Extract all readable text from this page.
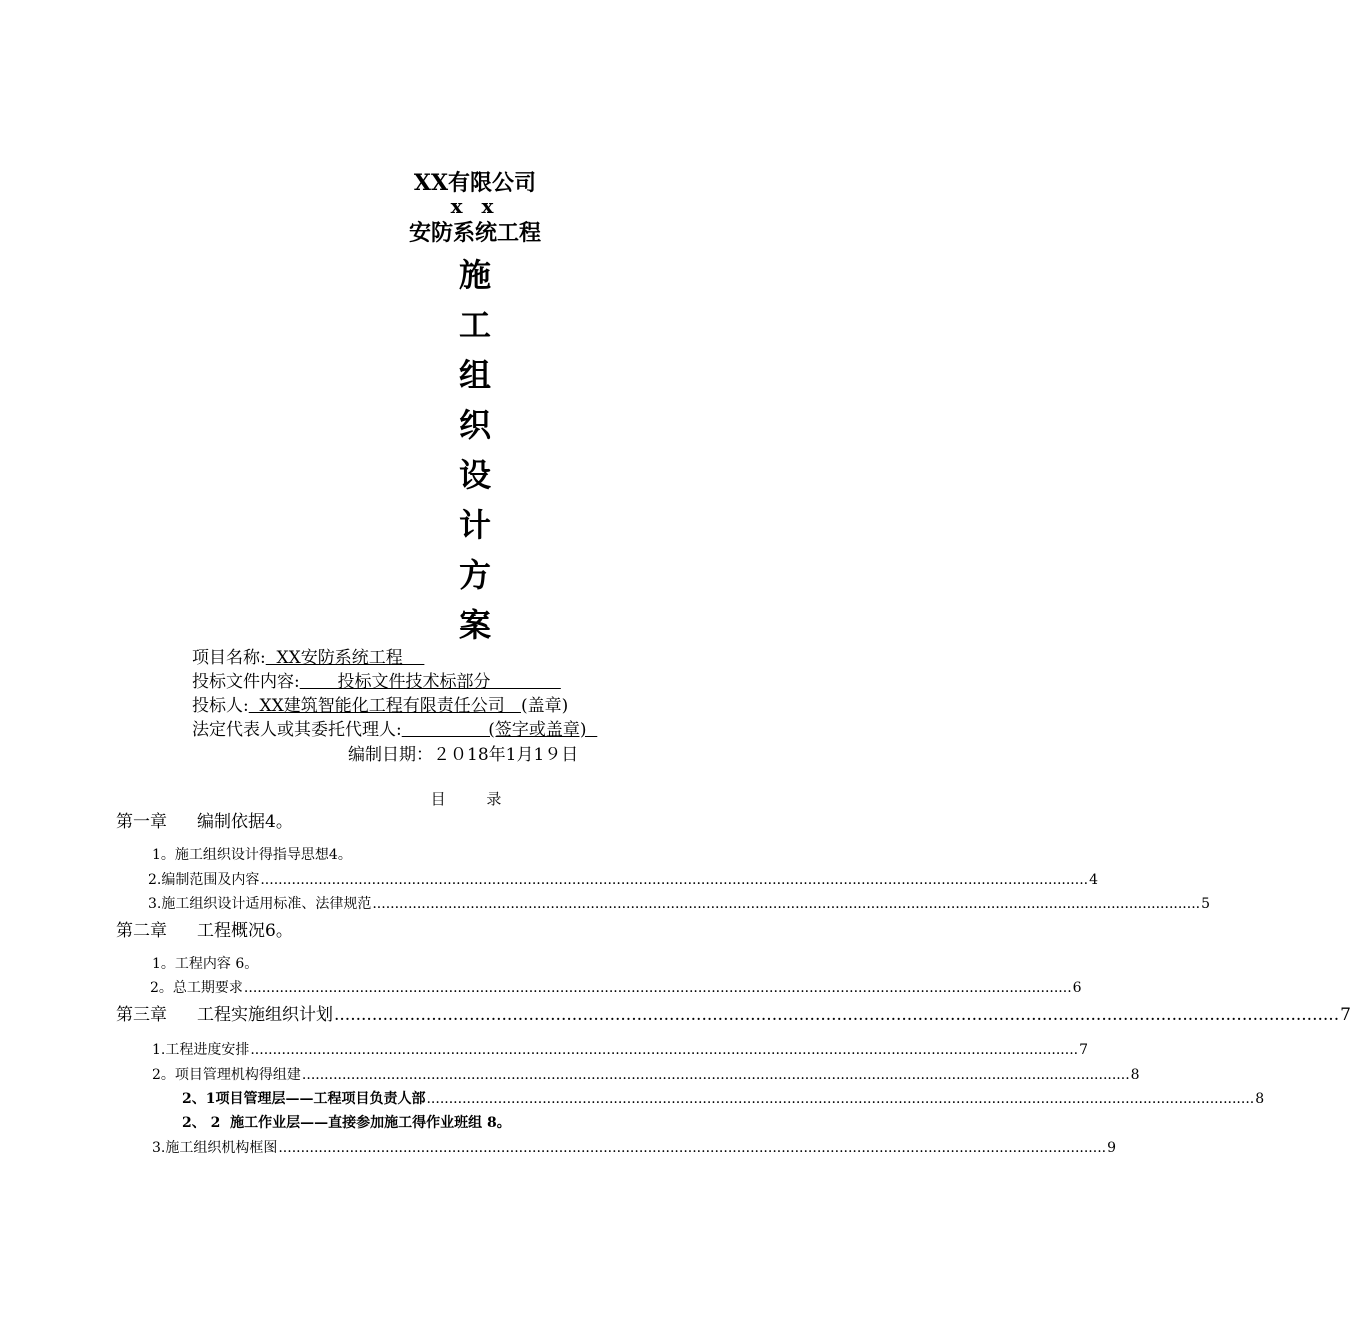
XX有限公司
x x
安防系统工程
施
工
组
织
设
计
方
案
项目名称:  XX安防系统工程
投标文件内容:       投标文件技术标部分
投标人:  XX建筑智能化工程有限责任公司   (盖章)
法定代表人或其委托代理人:                (签字或盖章)
编制日期：２０18年1月1９日
目 录
第一章 编制依据4。
1。施工组织设计得指导思想4。
2.编制范围及内容 .......................................................................................................................................................................................... 4
3.施工组织设计适用标准、法律规范 .......................................................................................................................................................................................... 5
第二章 工程概况6。
1。工程内容 6。
2。总工期要求 .......................................................................................................................................................................................... 6
第三章 工程实施组织计划 .......................................................................................................................................................................................... 7
1.工程进度安排 .......................................................................................................................................................................................... 7
2。项目管理机构得组建 .......................................................................................................................................................................................... 8
2、1项目管理层——工程项目负责人部 .......................................................................................................................................................................................... 8
2、 2  施工作业层——直接参加施工得作业班组 8。
3.施工组织机构框图 .......................................................................................................................................................................................... 9
